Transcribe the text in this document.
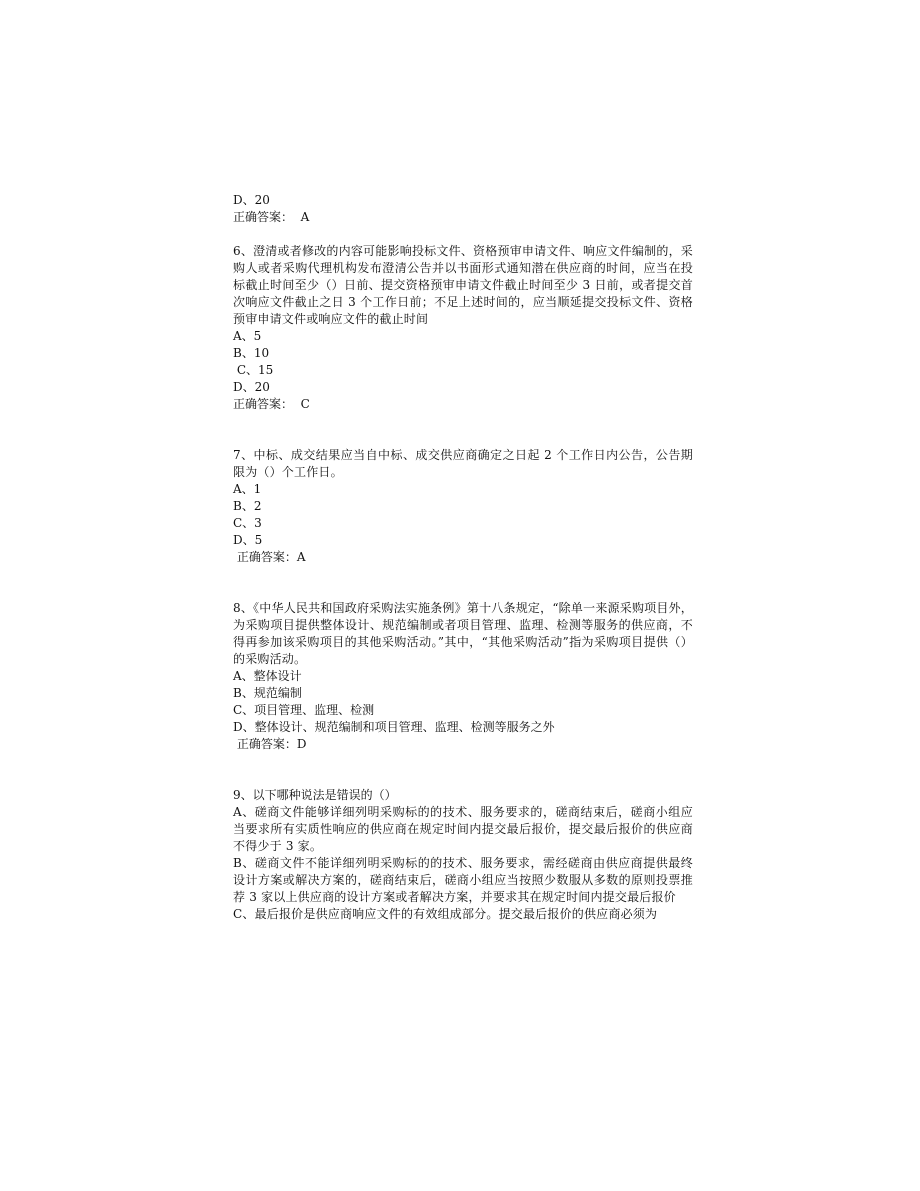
D、20
正确答案：  A
6、澄清或者修改的内容可能影响投标文件、资格预审申请文件、响应文件编制的，采购人或者采购代理机构发布澄清公告并以书面形式通知潜在供应商的时间，应当在投标截止时间至少（）日前、提交资格预审申请文件截止时间至少 3 日前，或者提交首次响应文件截止之日 3 个工作日前；不足上述时间的，应当顺延提交投标文件、资格预审申请文件或响应文件的截止时间
A、5
B、10
C、15
D、20
正确答案：  C
7、中标、成交结果应当自中标、成交供应商确定之日起 2 个工作日内公告，公告期限为（）个工作日。
A、1
B、2
C、3
D、5
正确答案：A
8、《中华人民共和国政府采购法实施条例》第十八条规定，“除单一来源采购项目外，为采购项目提供整体设计、规范编制或者项目管理、监理、检测等服务的供应商，不得再参加该采购项目的其他采购活动。”其中，“其他采购活动”指为采购项目提供（）的采购活动。
A、整体设计
B、规范编制
C、项目管理、监理、检测
D、整体设计、规范编制和项目管理、监理、检测等服务之外
正确答案：D
9、以下哪种说法是错误的（）
A、磋商文件能够详细列明采购标的的技术、服务要求的，磋商结束后，磋商小组应当要求所有实质性响应的供应商在规定时间内提交最后报价，提交最后报价的供应商不得少于 3 家。
B、磋商文件不能详细列明采购标的的技术、服务要求，需经磋商由供应商提供最终设计方案或解决方案的，磋商结束后，磋商小组应当按照少数服从多数的原则投票推荐 3 家以上供应商的设计方案或者解决方案，并要求其在规定时间内提交最后报价
C、最后报价是供应商响应文件的有效组成部分。提交最后报价的供应商必须为
